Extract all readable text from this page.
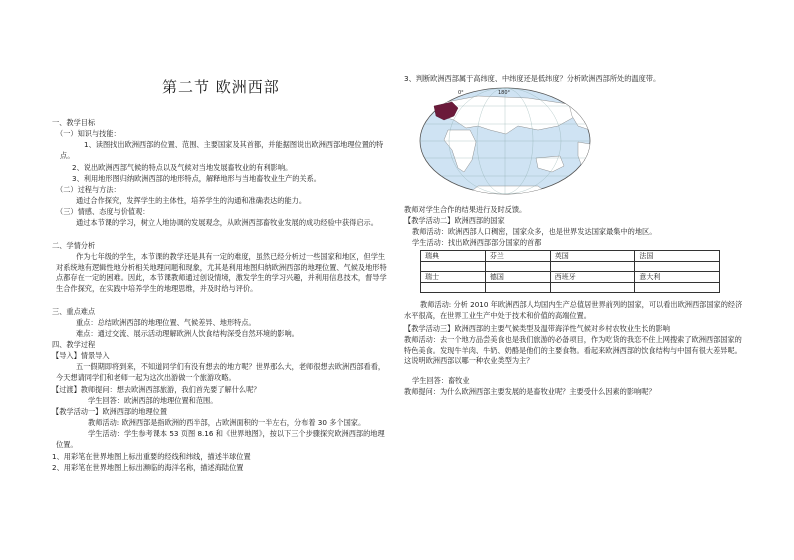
第二节 欧洲西部
一、教学目标
（一）知识与技能：
1、读图找出欧洲西部的位置、范围、主要国家及其首都，并能据图说出欧洲西部地理位置的特点。
2、说出欧洲西部气候的特点以及气候对当地发展畜牧业的有利影响。
3、利用地形图归纳欧洲西部的地形特点，解释地形与当地畜牧业生产的关系。
（二）过程与方法：
通过合作探究，发挥学生的主体性，培养学生的沟通和准确表达的能力。
（三）情感、态度与价值观：
通过本节课的学习，树立人地协调的发展观念，从欧洲西部畜牧业发展的成功经验中获得启示。
二、学情分析
作为七年级的学生，本节课的教学还是具有一定的难度，虽然已经分析过一些国家和地区，但学生对系统地有逻辑性地分析相关地理问题和现象，尤其是利用地图归纳欧洲西部的地理位置、气候及地形特点都存在一定的困难。因此，本节课教师通过创设情境，激发学生的学习兴趣，并利用信息技术，督导学生合作探究，在实践中培养学生的地理思维，并及时给与评价。
三、重点难点
重点：总结欧洲西部的地理位置、气候差异、地形特点。
难点：通过交流、展示活动理解欧洲人饮食结构深受自然环境的影响。
四、教学过程
【导入】情景导入
五一假期即将到来，不知道同学们有没有想去的地方呢？世界那么大，老师很想去欧洲西部看看，今天想请同学们和老师一起为这次出游做一个旅游攻略。
【过渡】教师提问：想去欧洲西部旅游，我们首先要了解什么呢？
学生回答：欧洲西部的地理位置和范围。
【教学活动一】欧洲西部的地理位置
教师活动: 欧洲西部是指欧洲的西半部，占欧洲面积的一半左右，分布着 30 多个国家。
学生活动：学生参考课本 53 页图 8.16 和《世界地图》，按以下三个步骤探究欧洲西部的地理位置。
1、用彩笔在世界地图上标出重要的经线和纬线，描述半球位置
2、用彩笔在世界地图上标出濒临的海洋名称，描述海陆位置
3、判断欧洲西部属于高纬度、中纬度还是低纬度？分析欧洲西部所处的温度带。
0°	180°
教师对学生合作的结果进行及时反馈。
【教学活动二】欧洲西部的国家
教师活动：欧洲西部人口稠密，国家众多，也是世界发达国家最集中的地区。
学生活动：找出欧洲西部部分国家的首都
瑞典	芬兰	英国	法国

瑞士	德国	西班牙	意大利

教师活动: 分析 2010 年欧洲西部人均国内生产总值居世界前列的国家，可以看出欧洲西部国家的经济水平很高，在世界工业生产中处于技术和价值的高端位置。
【教学活动三】欧洲西部的主要气候类型及温带海洋性气候对乡村农牧业生长的影响
教师活动：去一个地方品尝美食也是我们旅游的必备项目，作为吃货的我恋不住上网搜索了欧洲西部国家的特色美食。发现牛羊肉、牛奶、奶酪是他们的主要食物。看起来欧洲西部的饮食结构与中国有很大差异呢。这说明欧洲西部以哪一种农业类型为主？
学生回答：畜牧业
教师提问：为什么欧洲西部主要发展的是畜牧业呢？主要受什么因素的影响呢？
